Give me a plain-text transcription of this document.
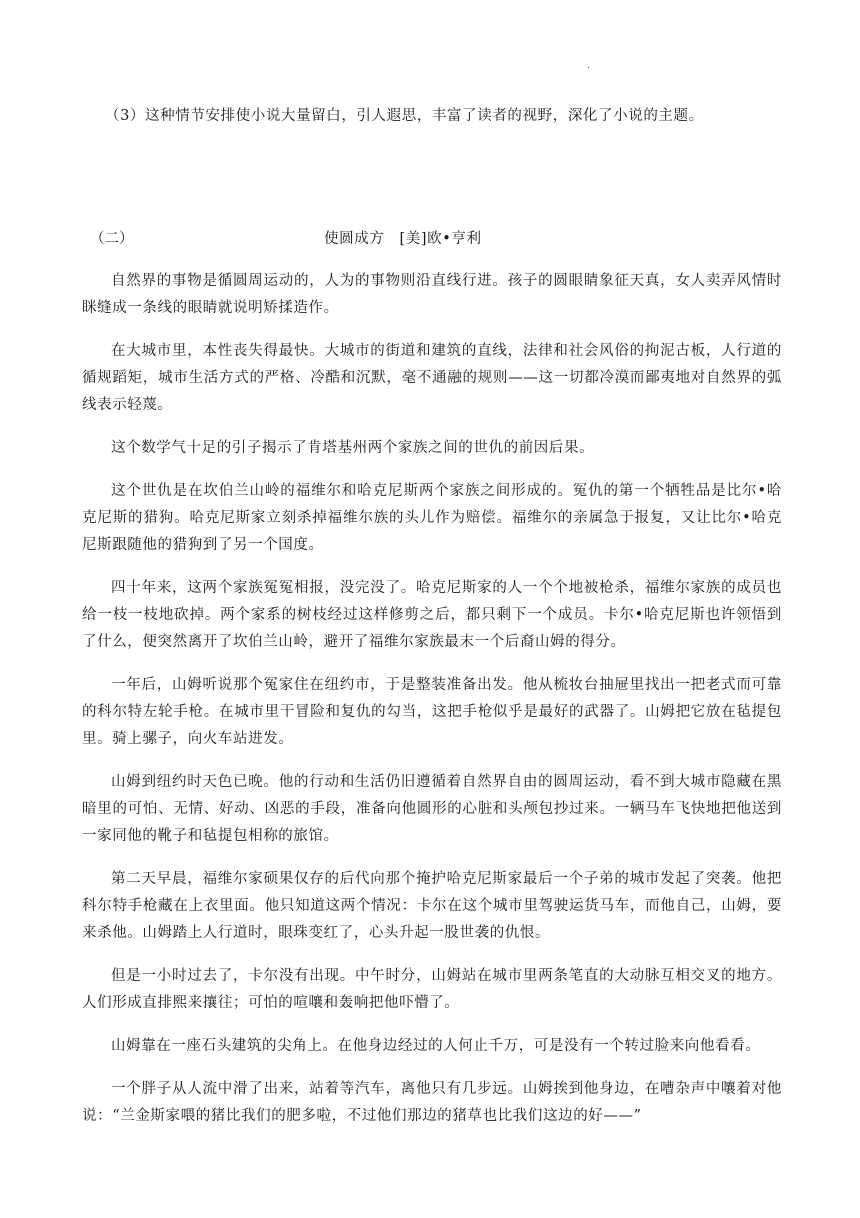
·
（3）这种情节安排使小说大量留白，引人遐思，丰富了读者的视野，深化了小说的主题。
（二）	使圆成方　[美]欧•亨利

自然界的事物是循圆周运动的，人为的事物则沿直线行进。孩子的圆眼睛象征天真，女人卖弄风情时眯缝成一条线的眼睛就说明矫揉造作。

在大城市里，本性丧失得最快。大城市的街道和建筑的直线，法律和社会风俗的拘泥古板，人行道的循规蹈矩，城市生活方式的严格、冷酷和沉默，毫不通融的规则——这一切都冷漠而鄙夷地对自然界的弧线表示轻蔑。

这个数学气十足的引子揭示了肯塔基州两个家族之间的世仇的前因后果。

这个世仇是在坎伯兰山岭的福维尔和哈克尼斯两个家族之间形成的。冤仇的第一个牺牲品是比尔•哈克尼斯的猎狗。哈克尼斯家立刻杀掉福维尔族的头儿作为赔偿。福维尔的亲属急于报复，又让比尔•哈克尼斯跟随他的猎狗到了另一个国度。

四十年来，这两个家族冤冤相报，没完没了。哈克尼斯家的人一个个地被枪杀，福维尔家族的成员也给一枝一枝地砍掉。两个家系的树枝经过这样修剪之后，都只剩下一个成员。卡尔•哈克尼斯也许领悟到了什么，便突然离开了坎伯兰山岭，避开了福维尔家族最末一个后裔山姆的得分。

一年后，山姆听说那个冤家住在纽约市，于是整装准备出发。他从梳妆台抽屉里找出一把老式而可靠的科尔特左轮手枪。在城市里干冒险和复仇的勾当，这把手枪似乎是最好的武器了。山姆把它放在毡提包里。骑上骡子，向火车站进发。

山姆到纽约时天色已晚。他的行动和生活仍旧遵循着自然界自由的圆周运动，看不到大城市隐藏在黑暗里的可怕、无情、好动、凶恶的手段，准备向他圆形的心脏和头颅包抄过来。一辆马车飞快地把他送到一家同他的靴子和毡提包相称的旅馆。

第二天早晨，福维尔家硕果仅存的后代向那个掩护哈克尼斯家最后一个子弟的城市发起了突袭。他把科尔特手枪藏在上衣里面。他只知道这两个情况：卡尔在这个城市里驾驶运货马车，而他自己，山姆，要来杀他。山姆踏上人行道时，眼珠变红了，心头升起一股世袭的仇恨。

但是一小时过去了，卡尔没有出现。中午时分，山姆站在城市里两条笔直的大动脉互相交叉的地方。人们形成直排熙来攘往；可怕的喧嚷和轰响把他吓懵了。

山姆靠在一座石头建筑的尖角上。在他身边经过的人何止千万，可是没有一个转过脸来向他看看。

一个胖子从人流中滑了出来，站着等汽车，离他只有几步远。山姆挨到他身边，在嘈杂声中嚷着对他说：“兰金斯家喂的猪比我们的肥多啦，不过他们那边的猪草也比我们这边的好——”
